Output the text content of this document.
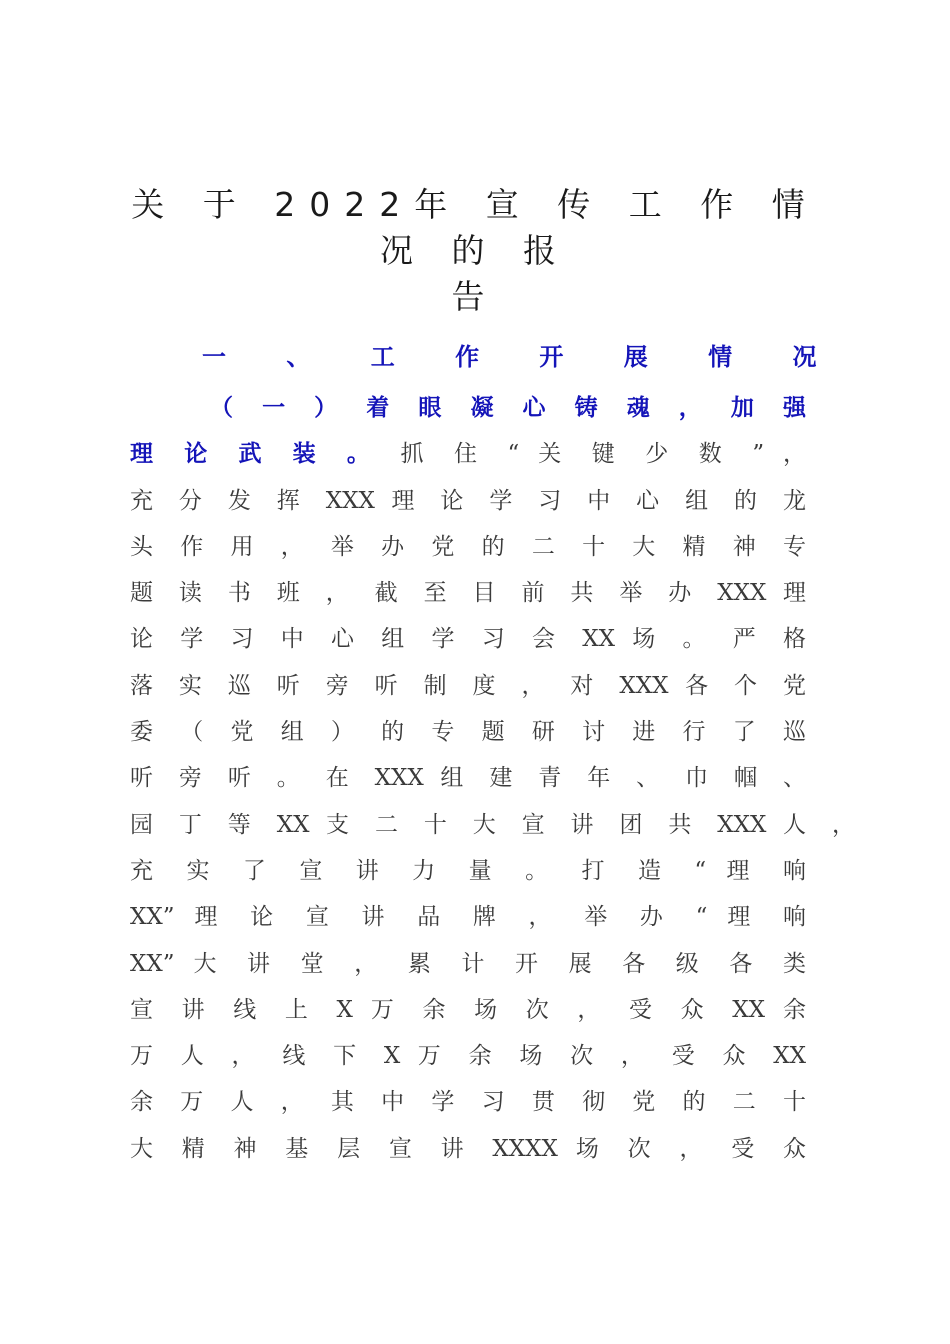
关 于 2022年 宣 传 工 作 情 况 的 报
告
一 、 工 作 开 展 情 况
（ 一 ） 着 眼 凝 心 铸 魂 ， 加 强
理 论 武 装 。 抓 住 “ 关 键 少 数 ” ，
充 分 发 挥 XXX 理 论 学 习 中 心 组 的 龙
头 作 用 ， 举 办 党 的 二 十 大 精 神 专
题 读 书 班 ， 截 至 目 前 共 举 办 XXX 理
论 学 习 中 心 组 学 习 会 XX 场 。 严 格
落 实 巡 听 旁 听 制 度 ， 对 XXX 各 个 党
委 （ 党 组 ） 的 专 题 研 讨 进 行 了 巡
听 旁 听 。 在 XXX 组 建 青 年 、 巾 帼 、
园 丁 等 XX 支 二 十 大 宣 讲 团 共 XXX 人
充 实 了 宣 讲 力 量 。 打 造 “ 理 响
XX” 理 论 宣 讲 品 牌 ， 举 办 “ 理 响
XX” 大 讲 堂 ， 累 计 开 展 各 级 各 类
宣 讲 线 上 X 万 余 场 次 ， 受 众 XX 余
万 人 ， 线 下 X 万 余 场 次 ， 受 众 XX
余 万 人 ， 其 中 学 习 贯 彻 党 的 二 十
大 精 神 基 层 宣 讲 XXXX 场 次 ， 受 众
，
